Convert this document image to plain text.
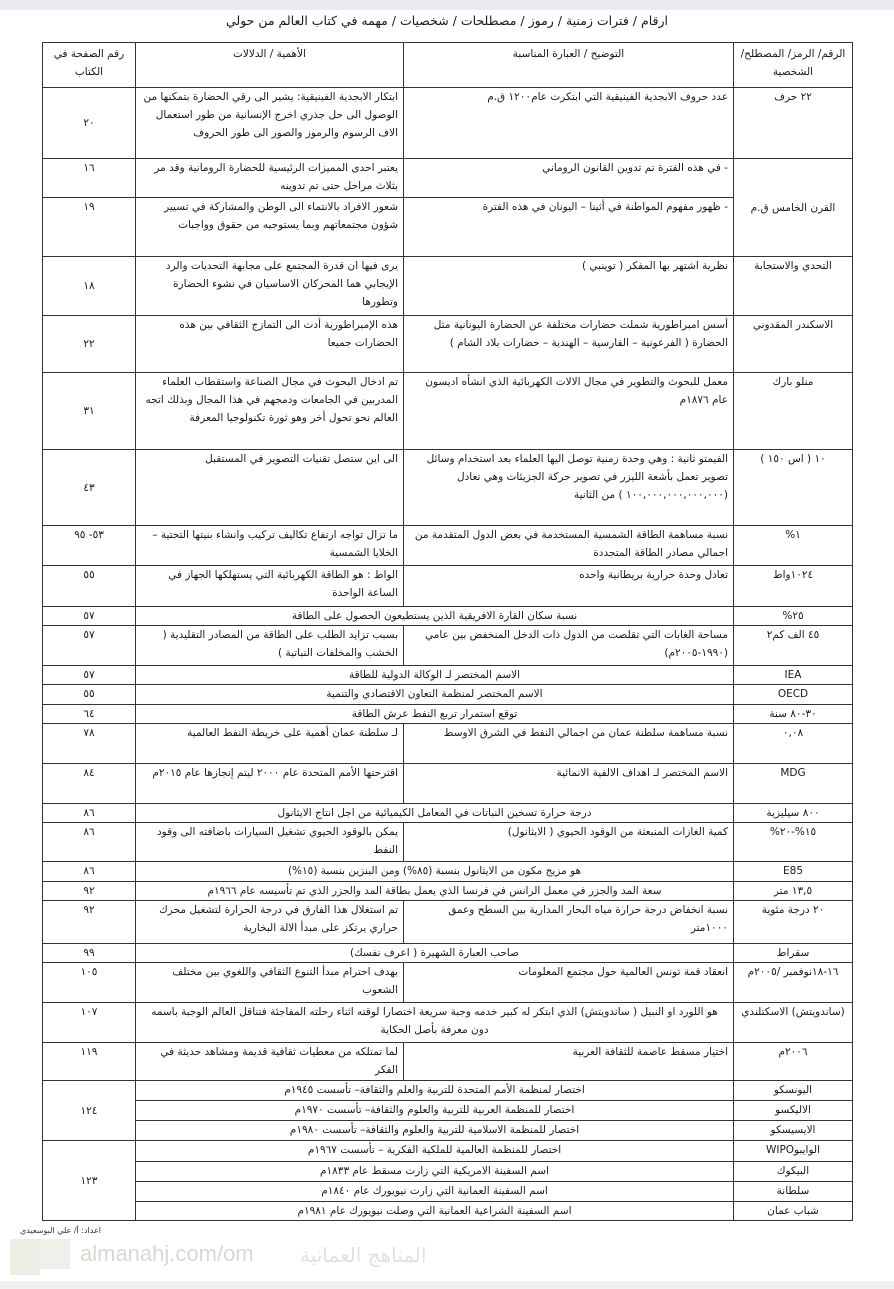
ارقام / فترات زمنية / رموز / مصطلحات / شخصيات / مهمه في كتاب العالم من حولي
الرقم/ الرمز/ المصطلح/الشخصية	التوضيح / العبارة المناسبة	الأهمية / الدلالات	رقم الصفحة في الكتاب
٢٢ حرف	عدد حروف الابجدية الفينيقية التي ابتكرت عام١٢٠٠ ق.م	ابتكار الابجدية الفينيقية: يشير الى رقي الحضارة بتمكنها من الوصول الى حل جذري اخرج الإنسانية من طور استعمال الاف الرسوم والرموز والصور الى طور الحروف	٢٠
القرن الخامس ق.م	- في هذه الفترة تم تدوين القانون الروماني	يعتبر احدى المميزات الرئيسية للحضارة الرومانية وقد مر بثلاث مراحل حتى تم تدوينه	١٦
	- ظهور مفهوم المواطنة في أثينا – اليونان في هذه الفترة	شعور الافراد بالانتماء الى الوطن والمشاركة في تسيير شؤون مجتمعاتهم وبما يستوجبه من حقوق وواجبات	١٩
التحدي والاستجابة	نظرية اشتهر بها المفكر ( توينبي )	يرى فيها ان قدرة المجتمع على مجابهة التحديات والرد الإيجابي هما المحركان الاساسيان في نشوء الحضارة وتطورها	١٨
الاسكندر المقدوني	أسس امبراطورية شملت حضارات مختلفة عن الحضارة اليونانية مثل الحضارة ( الفرعونية – الفارسية – الهندية – حضارات بلاد الشام )	هذه الإمبراطورية أدت الى التمازج الثقافي بين هذه الحضارات جميعا	٢٢
منلو بارك	معمل للبحوث والتطوير في مجال الالات الكهربائية الذي انشأه اديسون عام ١٨٧٦م	تم ادخال البحوث في مجال الصناعة واستقطاب العلماء المدربين في الجامعات ودمجهم في هذا المجال وبذلك اتجه العالم نحو تحول أخر وهو ثورة تكنولوجيا المعرفة	٣١
١٠ ( اس ١٥٠ )	الفيمتو ثانية : وهي وحدة زمنية توصل اليها العلماء بعد استخدام وسائل تصوير تعمل بأشعة الليزر في تصوير حركة الجزيئات وهي تعادل (١٠٠,٠٠٠,٠٠٠,٠٠٠,٠٠٠ ) من الثانية	الى اين ستصل تقنيات التصوير في المستقبل	٤٣
١%	نسبة مساهمة الطاقة الشمسية المستخدمة في بعض الدول المتقدمة من اجمالي مصادر الطاقة المتجددة	ما تزال تواجه ارتفاع تكاليف تركيب وانشاء بنيتها التحتية – الخلايا الشمسية	٥٣- ٩٥
١٠٢٤واط	تعادل وحدة حرارية بريطانية واحده	الواط : هو الطاقة الكهربائية التي يستهلكها الجهاز في الساعة الواحدة	٥٥
٢٥%	نسبة سكان القارة الافريقية الذين يستطيعون الحصول على الطاقة		٥٧
٤٥ الف كم٢	مساحة الغابات التي تقلصت من الدول ذات الدخل المنخفض بين عامي (١٩٩٠-٢٠٠٥م)	بسبب تزايد الطلب على الطاقة من المصادر التقليدية ( الخشب والمخلفات النباتية )	٥٧
IEA	الاسم المختصر لـ الوكالة الدولية للطاقة		٥٧
OECD	الاسم المختصر لمنظمة التعاون الاقتصادي والتنمية		٥٥
٣٠-٨٠ سنة	توقع استمرار تربع النفط عرش الطاقة		٦٤
٠,٠٨	نسبة مساهمة سلطنة عمان من اجمالي النفط في الشرق الاوسط	لـ سلطنة عمان أهمية على خريطة النفط العالمية	٧٨
MDG	الاسم المختصر لـ اهداف الالفية الانمائية	اقترحتها الأمم المتحدة عام ٢٠٠٠ ليتم إنجازها عام ٢٠١٥م	٨٤
٨٠٠ سيليزية	درجة حرارة تسخين النباتات في المعامل الكيميائية من اجل انتاج الايثانول		٨٦
١٥%-٢٠%	كمية الغازات المنبعثة من الوقود الحيوي ( الايثانول)	يمكن بالوقود الحيوي تشغيل السيارات باضافته الى وقود النفط	٨٦
E85	هو مزيج مكون من الايثانول بنسبة (٨٥%) ومن البنزين بنسبة (١٥%)		٨٦
١٣,٥ متر	سعة المد والجزر في معمل الرانس في فرنسا الذي يعمل بطاقة المد والجزر الذي تم تأسيسه عام ١٩٦٦م		٩٢
٢٠ درجة مئوية	نسبة انخفاض درجة حرارة مياه البحار المدارية بين السطح وعمق ١٠٠٠متر	تم استغلال هذا الفارق في درجة الحرارة لتشغيل محرك حراري يرتكز على مبدأ الالة البخارية	٩٢
سقراط	صاحب العبارة الشهيرة ( اعرف نفسك)		٩٩
١٦-١٨نوفمبر /٢٠٠٥م	انعقاد قمة تونس العالمية حول مجتمع المعلومات	بهدف احترام مبدأ التنوع الثقافي واللغوي بين مختلف الشعوب	١٠٥
(ساندويتش) الاسكتلندي	هو اللورد او النبيل ( ساندويتش) الذي ابتكر له كبير خدمه وجبة سريعة اختصارا لوقته اثناء رحلته المفاجئة فتناقل العالم الوجبة باسمه دون معرفة بأصل الحكاية		١٠٧
٢٠٠٦م	اختيار مسقط عاصمة للثقافة العربية	لما تمتلكه من معطيات ثقافية قديمة ومشاهد حديثة في الفكر	١١٩
اليونسكو	اختصار لمنظمة الأمم المتحدة للتربية والعلم والثقافة– تأسست ١٩٤٥م		١٢٤
الاليكسو	اختصار للمنظمة العربية للتربية والعلوم والثقافة– تأسست ١٩٧٠م		
الايسيسكو	اختصار للمنظمة الاسلامية للتربية والعلوم والثقافة– تأسست ١٩٨٠م		
الوايبوWIPO	اختصار للمنظمة العالمية للملكية الفكرية – تأسست ١٩٦٧م		١٢٣
البيكوك	اسم السفينة الامريكية التي زارت مسقط عام ١٨٣٣م		
سلطانة	اسم السفينة العمانية التي زارت نيويورك عام ١٨٤٠م		
شباب عمان	اسم السفينة الشراعية العمانية التي وصلت نيويورك عام ١٩٨١م		
اعداد: أ/ علي البوسعيدي
almanahj.com/om المناهج العمانية
